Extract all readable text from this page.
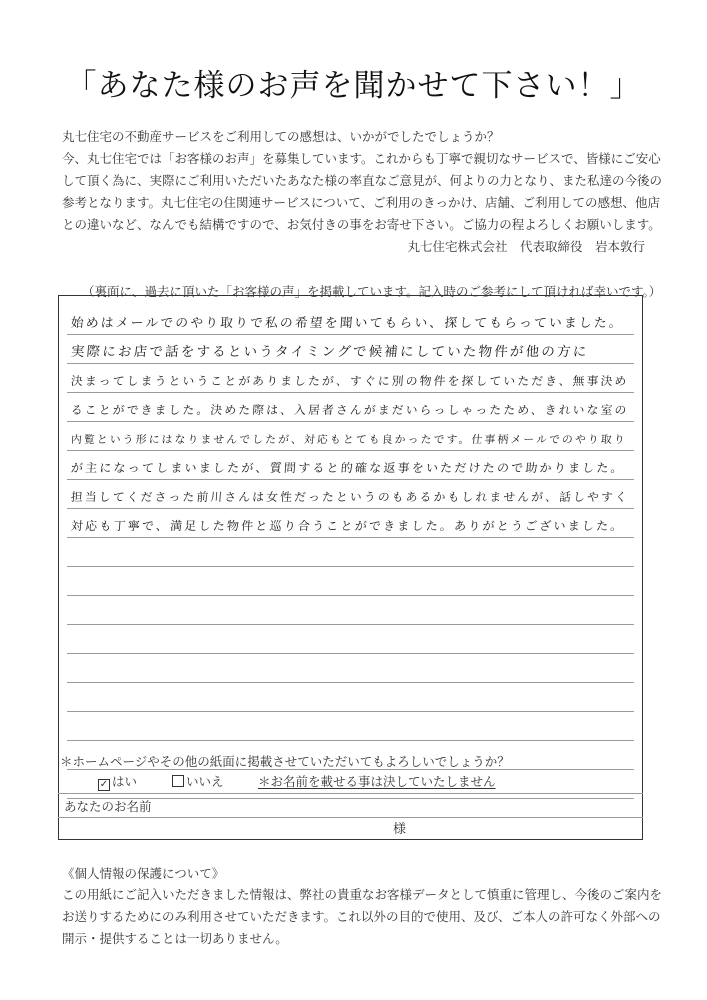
「あなた様のお声を聞かせて下さい！」

丸七住宅の不動産サービスをご利用しての感想は、いかがでしたでしょうか？

今、丸七住宅では「お客様のお声」を募集しています。これからも丁寧で親切なサービスで、皆様にご安心

して頂く為に、実際にご利用いただいたあなた様の率直なご意見が、何よりの力となり、また私達の今後の

参考となります。丸七住宅の住関連サービスについて、ご利用のきっかけ、店舗、ご利用しての感想、他店

との違いなど、なんでも結構ですので、お気付きの事をお寄せ下さい。ご協力の程よろしくお願いします。

丸七住宅株式会社　代表取締役　岩本敦行
（裏面に、過去に頂いた「お客様の声」を掲載しています。記入時のご参考にして頂ければ幸いです。）
始めはメールでのやり取りで私の希望を聞いてもらい、探してもらっていました。
実際にお店で話をするというタイミングで候補にしていた物件が他の方に
決まってしまうということがありましたが、すぐに別の物件を探していただき、無事決め
ることができました。決めた際は、入居者さんがまだいらっしゃったため、きれいな室の
内覧という形にはなりませんでしたが、対応もとても良かったです。仕事柄メールでのやり取り
が主になってしまいましたが、質問すると的確な返事をいただけたので助かりました。
担当してくださった前川さんは女性だったというのもあるかもしれませんが、話しやすく
対応も丁寧で、満足した物件と巡り合うことができました。ありがとうございました。
＊ホームページやその他の紙面に掲載させていただいてもよろしいでしょうか？
✓ はい	いいえ	＊お名前を載せる事は決していたしません
あなたのお名前
様
《個人情報の保護について》

この用紙にご記入いただきました情報は、弊社の貴重なお客様データとして慎重に管理し、今後のご案内を

お送りするためにのみ利用させていただきます。これ以外の目的で使用、及び、ご本人の許可なく外部への

開示・提供することは一切ありません。
